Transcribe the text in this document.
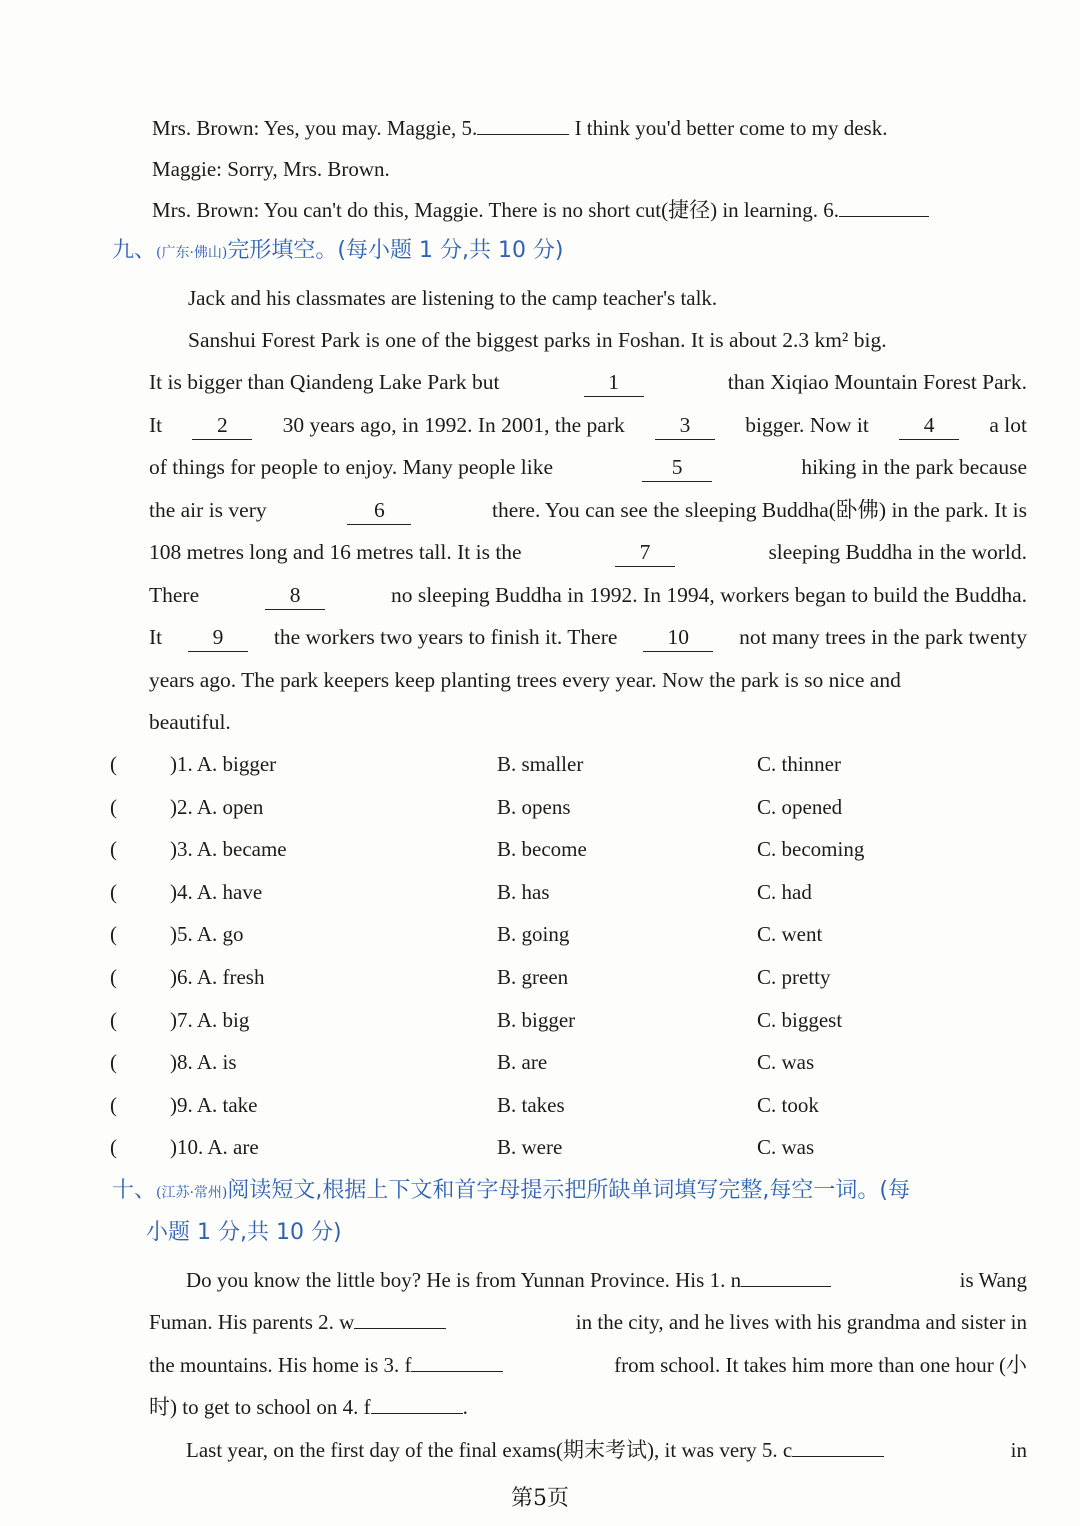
Mrs. Brown: Yes, you may. Maggie, 5.	I think you'd better come to my desk.
Maggie: Sorry, Mrs. Brown.
Mrs. Brown: You can't do this, Maggie. There is no short cut(捷径) in learning. 6.
九、(广东·佛山)完形填空。(每小题 1 分,共 10 分)
Jack and his classmates are listening to the camp teacher's talk.
Sanshui Forest Park is one of the biggest parks in Foshan. It is about 2.3 km² big.
It is bigger than Qiandeng Lake Park but	1	than Xiqiao Mountain Forest Park.
It	2	30 years ago, in 1992. In 2001, the park	3	bigger. Now it	4	a lot
of things for people to enjoy. Many people like	5	hiking in the park because
the air is very	6	there. You can see the sleeping Buddha(卧佛) in the park. It is
108 metres long and 16 metres tall. It is the	7	sleeping Buddha in the world.
There	8	no sleeping Buddha in 1992. In 1994, workers began to build the Buddha.
It	9	the workers two years to finish it. There	10	not many trees in the park twenty
years ago. The park keepers keep planting trees every year. Now the park is so nice and
beautiful.
(	)1. A. bigger	B. smaller	C. thinner
(	)2. A. open	B. opens	C. opened
(	)3. A. became	B. become	C. becoming
(	)4. A. have	B. has	C. had
(	)5. A. go	B. going	C. went
(	)6. A. fresh	B. green	C. pretty
(	)7. A. big	B. bigger	C. biggest
(	)8. A. is	B. are	C. was
(	)9. A. take	B. takes	C. took
(	)10. A. are	B. were	C. was
十、(江苏·常州)阅读短文,根据上下文和首字母提示把所缺单词填写完整,每空一词。(每
小题 1 分,共 10 分)
Do you know the little boy? He is from Yunnan Province. His 1. n	is Wang
Fuman. His parents 2. w	in the city, and he lives with his grandma and sister in
the mountains. His home is 3. f	from school. It takes him more than one hour (小
时) to get to school on 4. f	.
Last year, on the first day of the final exams(期末考试), it was very 5. c	in
第5页
